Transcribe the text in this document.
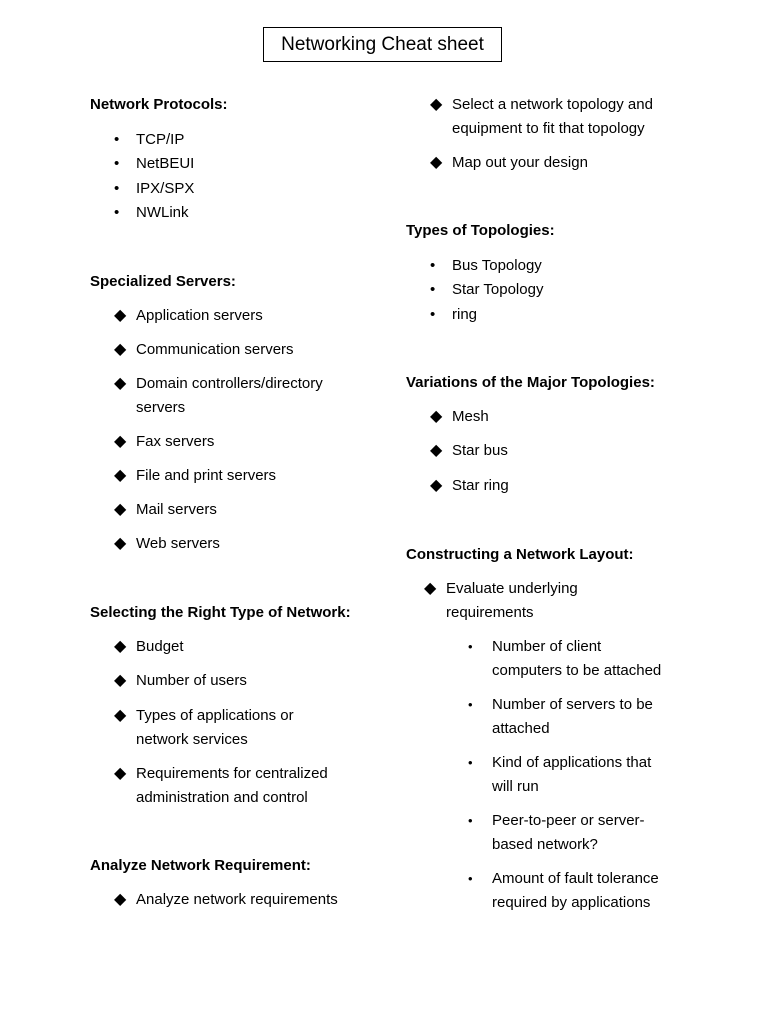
Networking Cheat sheet
Network Protocols:
• TCP/IP
• NetBEUI
• IPX/SPX
• NWLink
Specialized Servers:
◆ Application servers
◆ Communication servers
◆ Domain controllers/directory
servers
◆ Fax servers
◆ File and print servers
◆ Mail servers
◆ Web servers
Selecting the Right Type of Network:
◆ Budget
◆ Number of users
◆ Types of applications or
network services
◆ Requirements for centralized
administration and control
Analyze Network Requirement:
◆ Analyze network requirements
◆ Select a network topology and
equipment to fit that topology
◆ Map out your design
Types of Topologies:
• Bus Topology
• Star Topology
• ring
Variations of the Major Topologies:
◆ Mesh
◆ Star bus
◆ Star ring
Constructing a Network Layout:
◆ Evaluate underlying
requirements
• Number of client
computers to be attached
• Number of servers to be
attached
• Kind of applications that
will run
• Peer-to-peer or server-
based network?
• Amount of fault tolerance
required by applications
